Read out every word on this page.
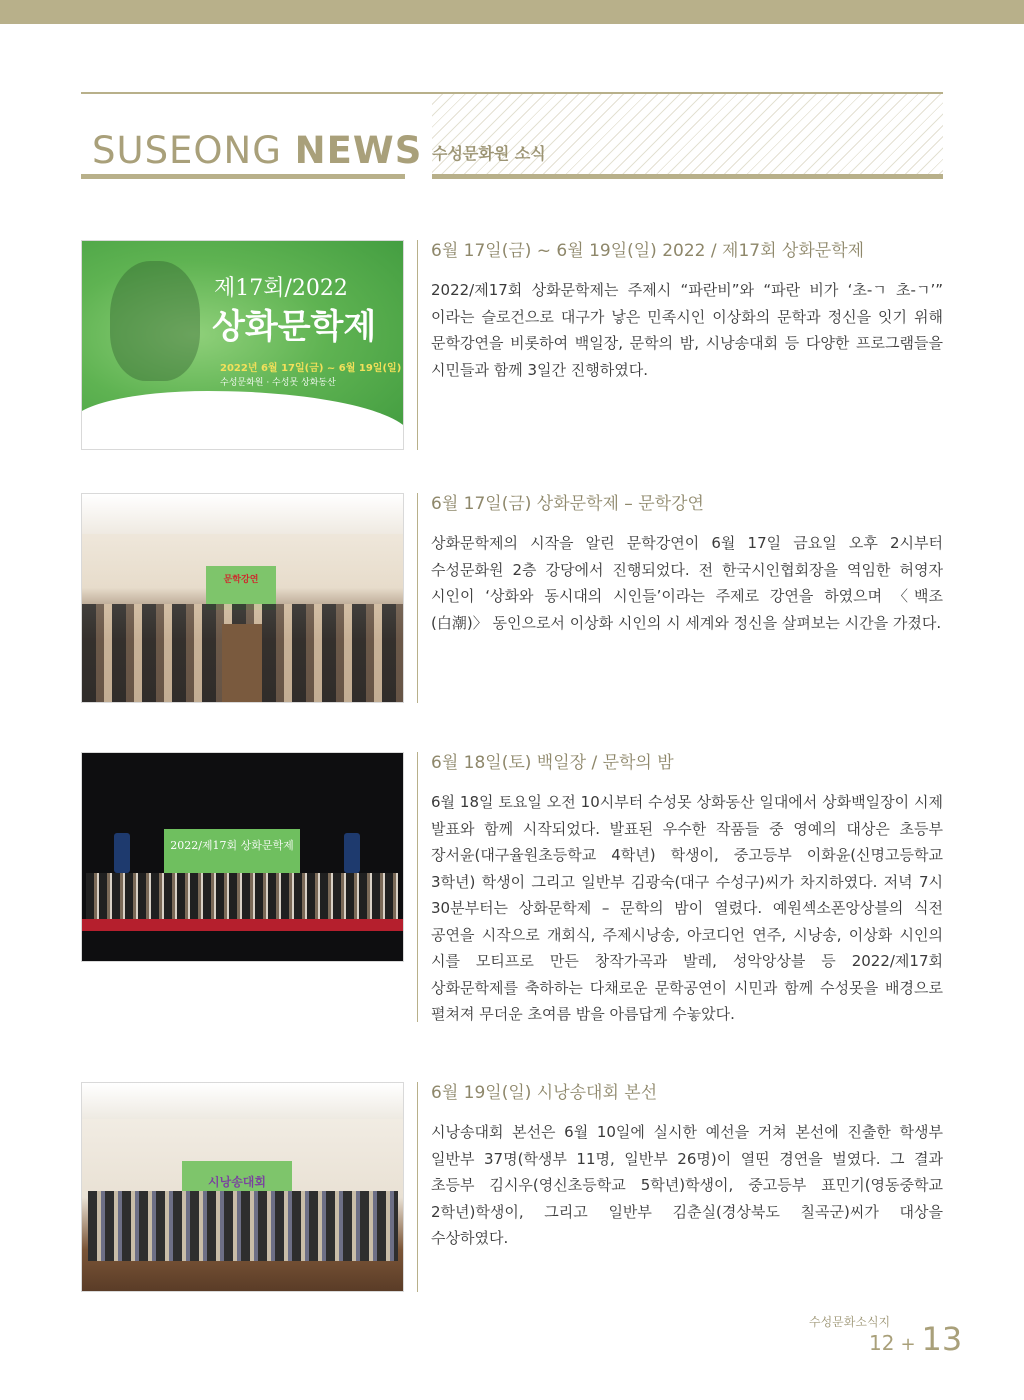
SUSEONG NEWS 수성문화원 소식
제17회/2022
상화문학제
2022년 6월 17일(금) ~ 6월 19일(일)
수성문화원 · 수성못 상화동산
6월 17일(금) ~ 6월 19일(일) 2022 / 제17회 상화문학제

2022/제17회 상화문학제는 주제시 “파란비”와 “파란 비가 ‘초-ㄱ 초-ㄱ’” 이라는 슬로건으로 대구가 낳은 민족시인 이상화의 문학과 정신을 잇기 위해 문학강연을 비롯하여 백일장, 문학의 밤, 시낭송대회 등 다양한 프로그램들을 시민들과 함께 3일간 진행하였다.

문학강연
6월 17일(금) 상화문학제 – 문학강연

상화문학제의 시작을 알린 문학강연이 6월 17일 금요일 오후 2시부터 수성문화원 2층 강당에서 진행되었다. 전 한국시인협회장을 역임한 허영자 시인이 ‘상화와 동시대의 시인들’이라는 주제로 강연을 하였으며 〈백조(白潮)〉 동인으로서 이상화 시인의 시 세계와 정신을 살펴보는 시간을 가졌다.

2022/제17회 상화문학제
6월 18일(토) 백일장 / 문학의 밤

6월 18일 토요일 오전 10시부터 수성못 상화동산 일대에서 상화백일장이 시제 발표와 함께 시작되었다. 발표된 우수한 작품들 중 영예의 대상은 초등부 장서윤(대구율원초등학교 4학년) 학생이, 중고등부 이화윤(신명고등학교 3학년) 학생이 그리고 일반부 김광숙(대구 수성구)씨가 차지하였다. 저녁 7시 30분부터는 상화문학제 – 문학의 밤이 열렸다. 예원섹소폰앙상블의 식전 공연을 시작으로 개회식, 주제시낭송, 아코디언 연주, 시낭송, 이상화 시인의 시를 모티프로 만든 창작가곡과 발레, 성악앙상블 등 2022/제17회 상화문학제를 축하하는 다채로운 문학공연이 시민과 함께 수성못을 배경으로 펼쳐져 무더운 초여름 밤을 아름답게 수놓았다.

시낭송대회
6월 19일(일) 시낭송대회 본선

시낭송대회 본선은 6월 10일에 실시한 예선을 거쳐 본선에 진출한 학생부 일반부 37명(학생부 11명, 일반부 26명)이 열띤 경연을 벌였다. 그 결과 초등부 김시우(영신초등학교 5학년)학생이, 중고등부 표민기(영동중학교 2학년)학생이, 그리고 일반부 김춘실(경상북도 칠곡군)씨가 대상을 수상하였다.

수성문화소식지
12 + 13
